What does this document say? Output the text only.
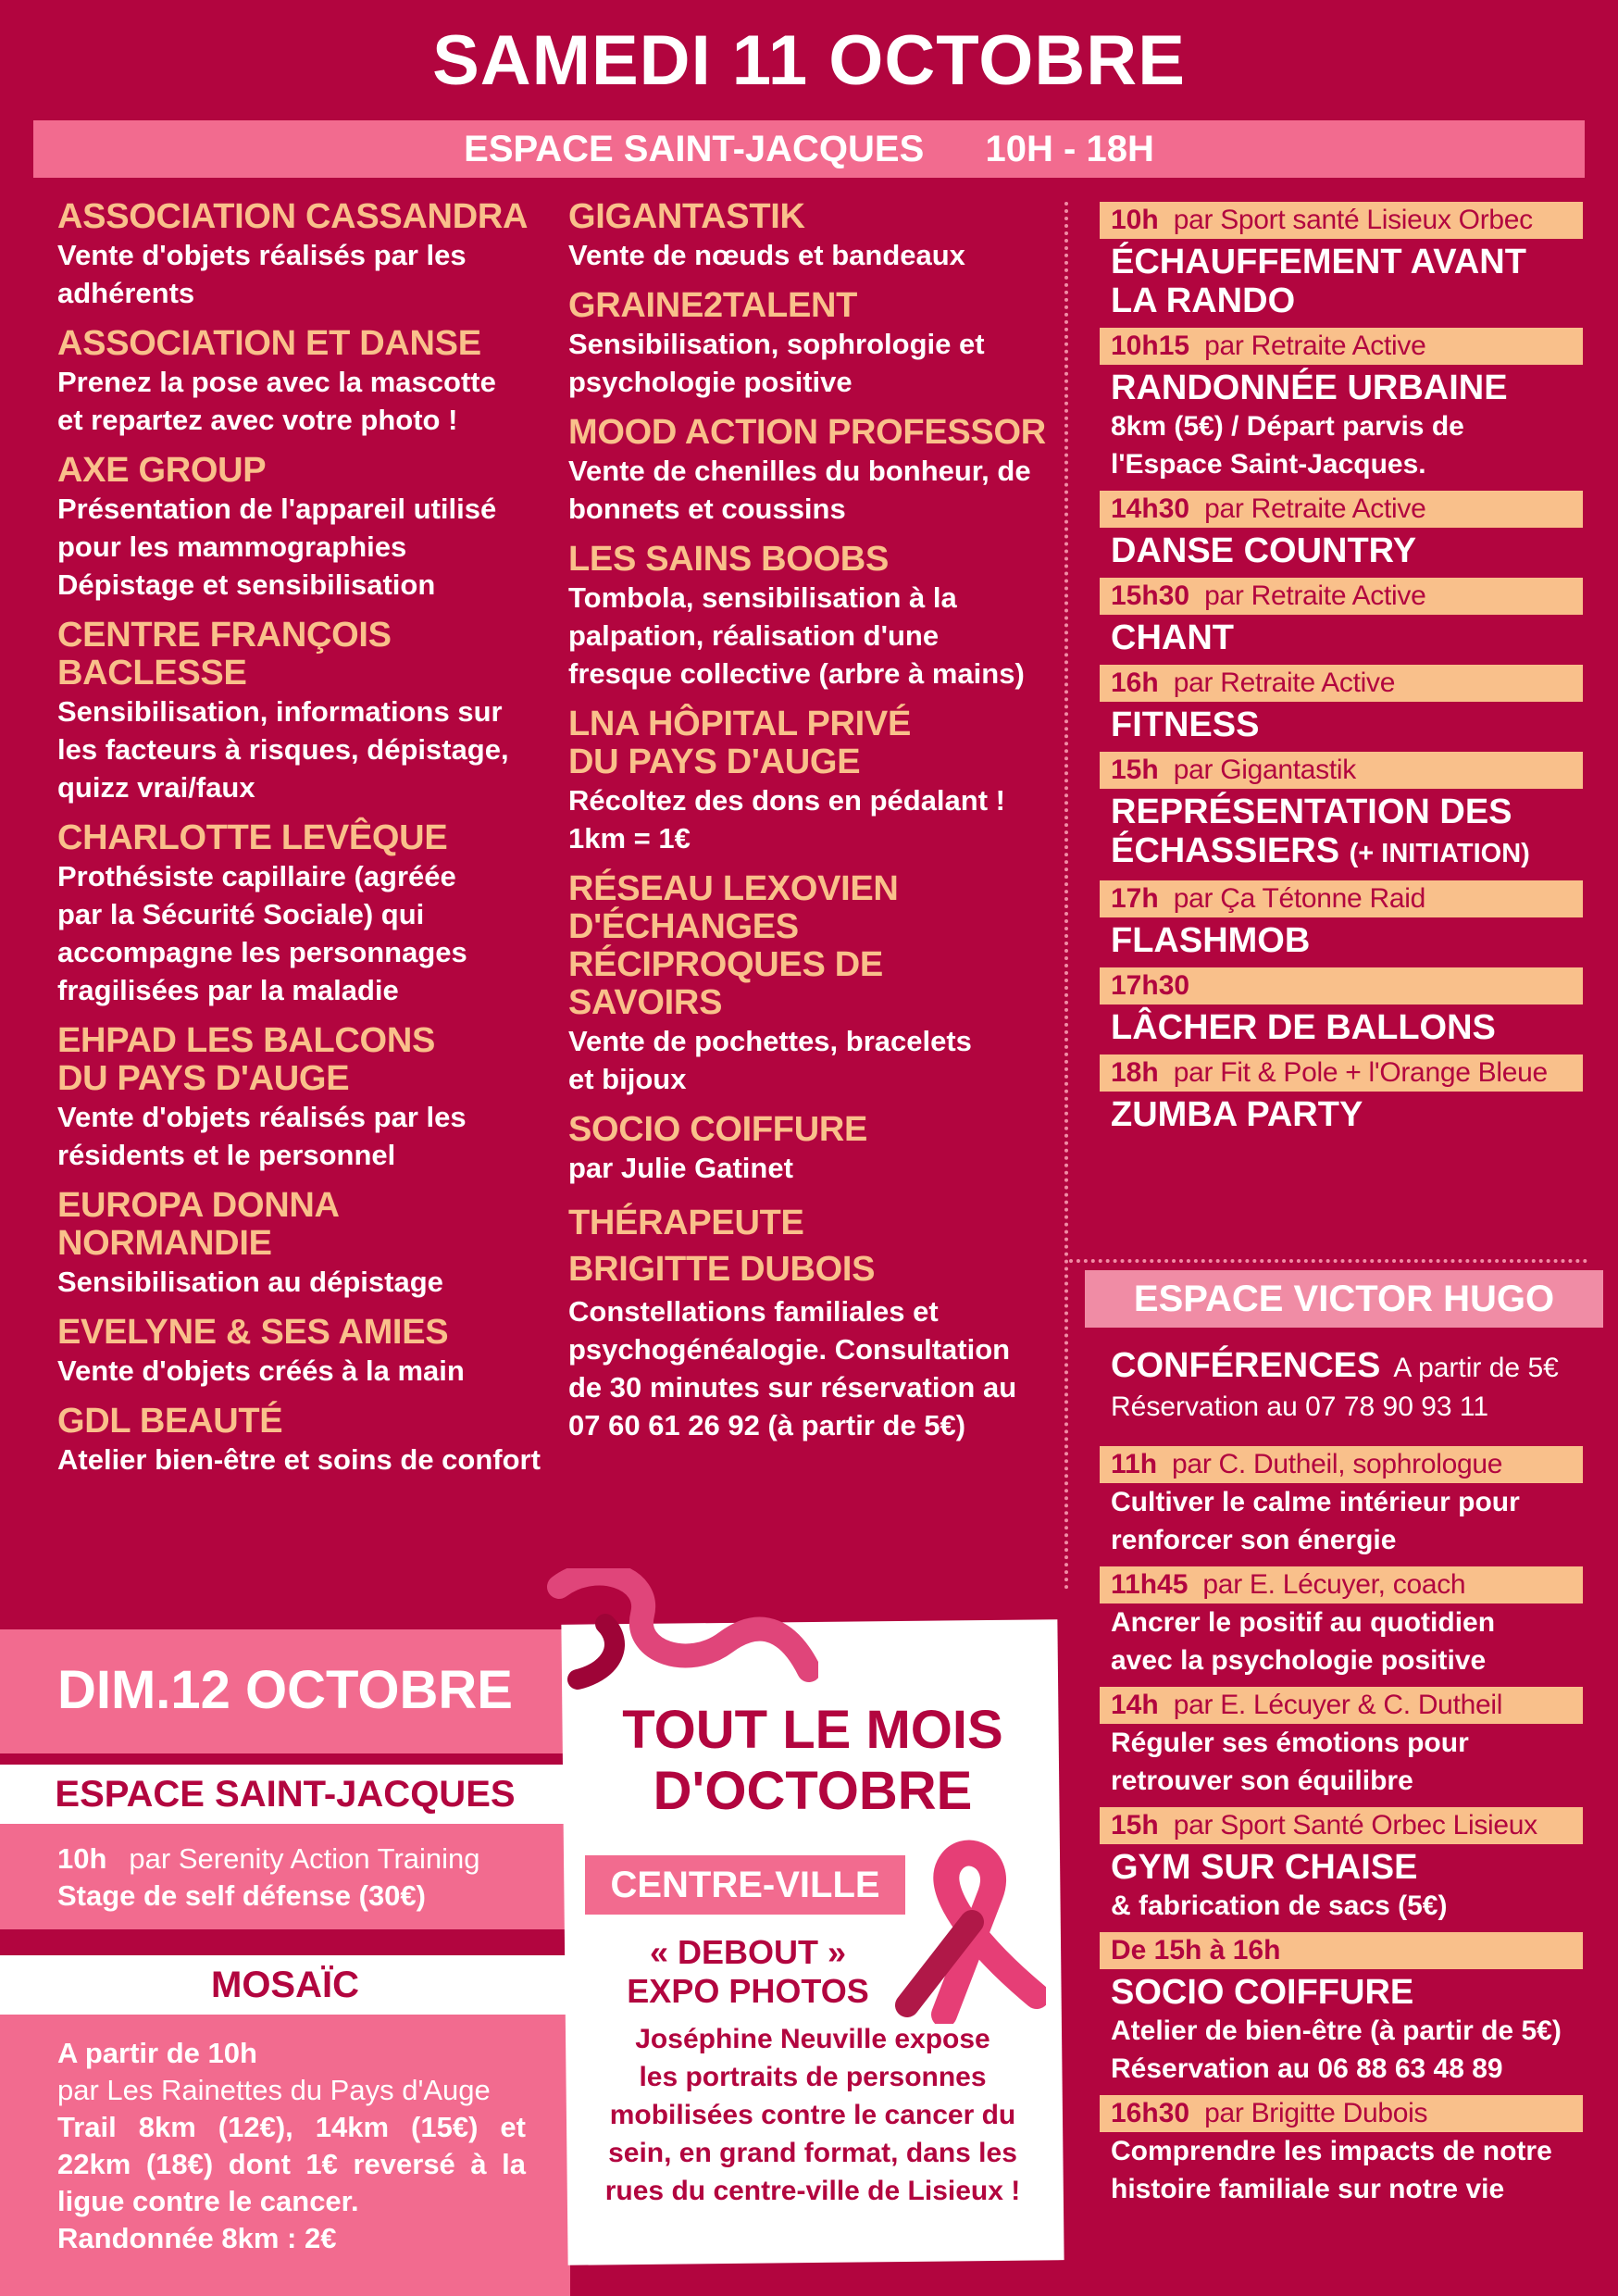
SAMEDI 11 OCTOBRE
ESPACE SAINT-JACQUES 10H - 18H
ASSOCIATION CASSANDRA

Vente d'objets réalisés par les

adhérents

ASSOCIATION ET DANSE

Prenez la pose avec la mascotte

et repartez avec votre photo !

AXE GROUP

Présentation de l'appareil utilisé

pour les mammographies

Dépistage et sensibilisation

CENTRE FRANÇOIS
BACLESSE

Sensibilisation, informations sur

les facteurs à risques, dépistage,

quizz vrai/faux

CHARLOTTE LEVÊQUE

Prothésiste capillaire (agréée

par la Sécurité Sociale) qui

accompagne les personnages

fragilisées par la maladie

EHPAD LES BALCONS
DU PAYS D'AUGE

Vente d'objets réalisés par les

résidents et le personnel

EUROPA DONNA
NORMANDIE

Sensibilisation au dépistage

EVELYNE & SES AMIES

Vente d'objets créés à la main

GDL BEAUTÉ

Atelier bien-être et soins de confort

GIGANTASTIK

Vente de nœuds et bandeaux

GRAINE2TALENT

Sensibilisation, sophrologie et

psychologie positive

MOOD ACTION PROFESSOR

Vente de chenilles du bonheur, de

bonnets et coussins

LES SAINS BOOBS

Tombola, sensibilisation à la

palpation, réalisation d'une

fresque collective (arbre à mains)

LNA HÔPITAL PRIVÉ
DU PAYS D'AUGE

Récoltez des dons en pédalant !

1km = 1€

RÉSEAU LEXOVIEN
D'ÉCHANGES
RÉCIPROQUES DE
SAVOIRS

Vente de pochettes, bracelets

et bijoux

SOCIO COIFFURE

par Julie Gatinet

THÉRAPEUTE
BRIGITTE DUBOIS

Constellations familiales et

psychogénéalogie. Consultation

de 30 minutes sur réservation au

07 60 61 26 92 (à partir de 5€)

10h par Sport santé Lisieux Orbec
ÉCHAUFFEMENT AVANT
LA RANDO
10h15 par Retraite Active
RANDONNÉE URBAINE

8km (5€) / Départ parvis de

l'Espace Saint-Jacques.

14h30 par Retraite Active
DANSE COUNTRY
15h30 par Retraite Active
CHANT
16h par Retraite Active
FITNESS
15h par Gigantastik
REPRÉSENTATION DES
ÉCHASSIERS (+ INITIATION)
17h par Ça Tétonne Raid
FLASHMOB
17h30
LÂCHER DE BALLONS
18h par Fit & Pole + l'Orange Bleue
ZUMBA PARTY
ESPACE VICTOR HUGO
CONFÉRENCES A partir de 5€

Réservation au 07 78 90 93 11

11h par C. Dutheil, sophrologue

Cultiver le calme intérieur pour

renforcer son énergie

11h45 par E. Lécuyer, coach

Ancrer le positif au quotidien

avec la psychologie positive

14h par E. Lécuyer & C. Dutheil

Réguler ses émotions pour

retrouver son équilibre

15h par Sport Santé Orbec Lisieux
GYM SUR CHAISE

& fabrication de sacs (5€)

De 15h à 16h
SOCIO COIFFURE

Atelier de bien-être (à partir de 5€)

Réservation au 06 88 63 48 89

16h30 par Brigitte Dubois

Comprendre les impacts de notre

histoire familiale sur notre vie

DIM.12 OCTOBRE
ESPACE SAINT-JACQUES
10h par Serenity Action Training
Stage de self défense (30€)
MOSAÏC

A partir de 10h

par Les Rainettes du Pays d'Auge

Trail 8km (12€), 14km (15€) et 22km (18€) dont 1€ reversé à la ligue contre le cancer.

Randonnée 8km : 2€

TOUT LE MOIS
D'OCTOBRE
CENTRE-VILLE
« DEBOUT »
EXPO PHOTOS
Joséphine Neuville expose
les portraits de personnes
mobilisées contre le cancer du
sein, en grand format, dans les
rues du centre-ville de Lisieux !
